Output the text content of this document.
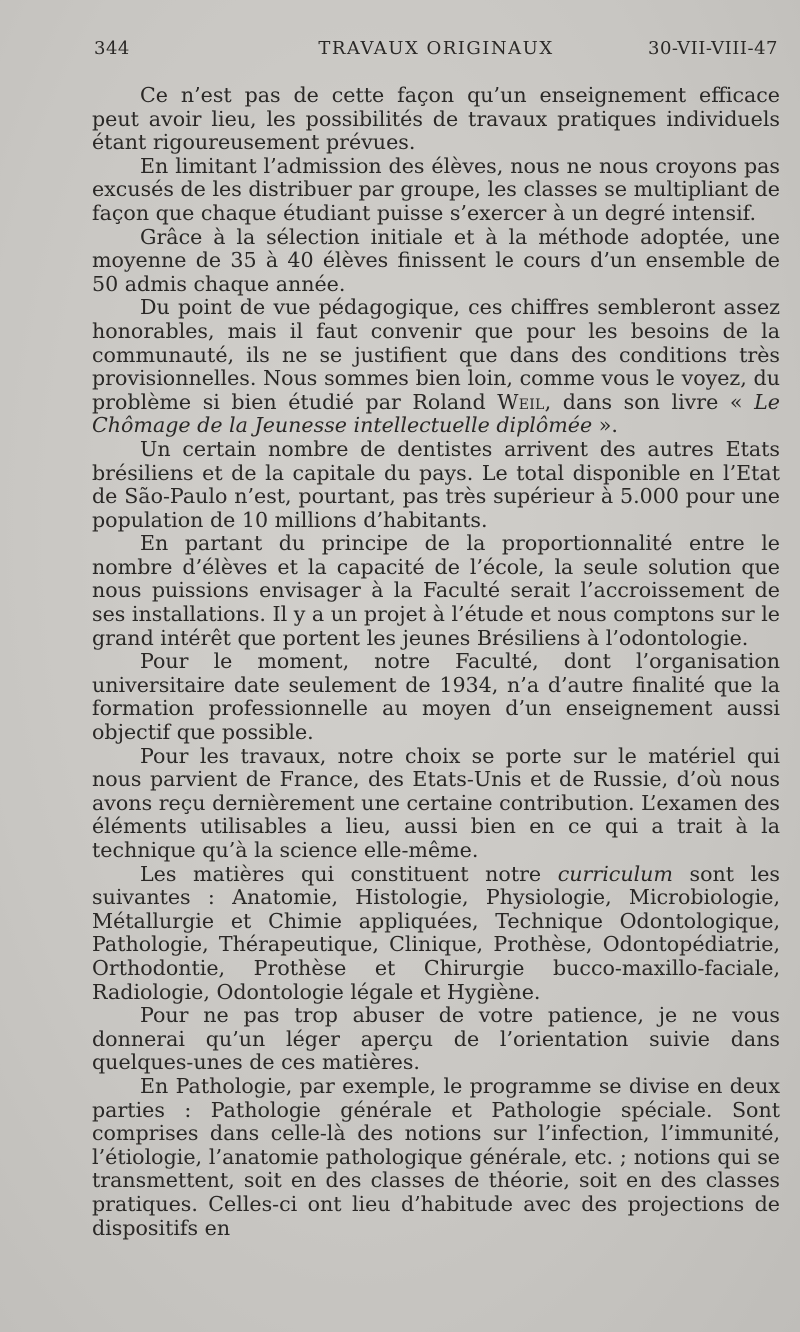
344	TRAVAUX ORIGINAUX	30-VII-VIII-47

Ce n’est pas de cette façon qu’un enseignement efficace peut avoir lieu, les possibilités de travaux pratiques individuels étant rigoureusement prévues.

En limitant l’admission des élèves, nous ne nous croyons pas excusés de les distribuer par groupe, les classes se multipliant de façon que chaque étudiant puisse s’exercer à un degré intensif.

Grâce à la sélection initiale et à la méthode adoptée, une moyenne de 35 à 40 élèves finissent le cours d’un ensemble de 50 admis chaque année.

Du point de vue pédagogique, ces chiffres sembleront assez honorables, mais il faut convenir que pour les besoins de la communauté, ils ne se justifient que dans des conditions très provisionnelles. Nous sommes bien loin, comme vous le voyez, du problème si bien étudié par Roland Weil, dans son livre « Le Chômage de la Jeunesse intellectuelle diplômée ».

Un certain nombre de dentistes arrivent des autres Etats brésiliens et de la capitale du pays. Le total disponible en l’Etat de São-Paulo n’est, pourtant, pas très supérieur à 5.000 pour une population de 10 millions d’habitants.

En partant du principe de la proportionnalité entre le nombre d’élèves et la capacité de l’école, la seule solution que nous puissions envisager à la Faculté serait l’accroissement de ses installations. Il y a un projet à l’étude et nous comptons sur le grand intérêt que portent les jeunes Brésiliens à l’odontologie.

Pour le moment, notre Faculté, dont l’organisation universitaire date seulement de 1934, n’a d’autre finalité que la formation professionnelle au moyen d’un enseignement aussi objectif que possible.

Pour les travaux, notre choix se porte sur le matériel qui nous parvient de France, des Etats-Unis et de Russie, d’où nous avons reçu dernièrement une certaine contribution. L’examen des éléments utilisables a lieu, aussi bien en ce qui a trait à la technique qu’à la science elle-même.

Les matières qui constituent notre curriculum sont les suivantes : Anatomie, Histologie, Physiologie, Microbiologie, Métallurgie et Chimie appliquées, Technique Odontologique, Pathologie, Thérapeutique, Clinique, Prothèse, Odontopédiatrie, Orthodontie, Prothèse et Chirurgie bucco-maxillo-faciale, Radiologie, Odontologie légale et Hygiène.

Pour ne pas trop abuser de votre patience, je ne vous donnerai qu’un léger aperçu de l’orientation suivie dans quelques-unes de ces matières.

En Pathologie, par exemple, le programme se divise en deux parties : Pathologie générale et Pathologie spéciale. Sont comprises dans celle-là des notions sur l’infection, l’immunité, l’étiologie, l’anatomie pathologique générale, etc. ; notions qui se transmettent, soit en des classes de théorie, soit en des classes pratiques. Celles-ci ont lieu d’habitude avec des projections de dispositifs en
